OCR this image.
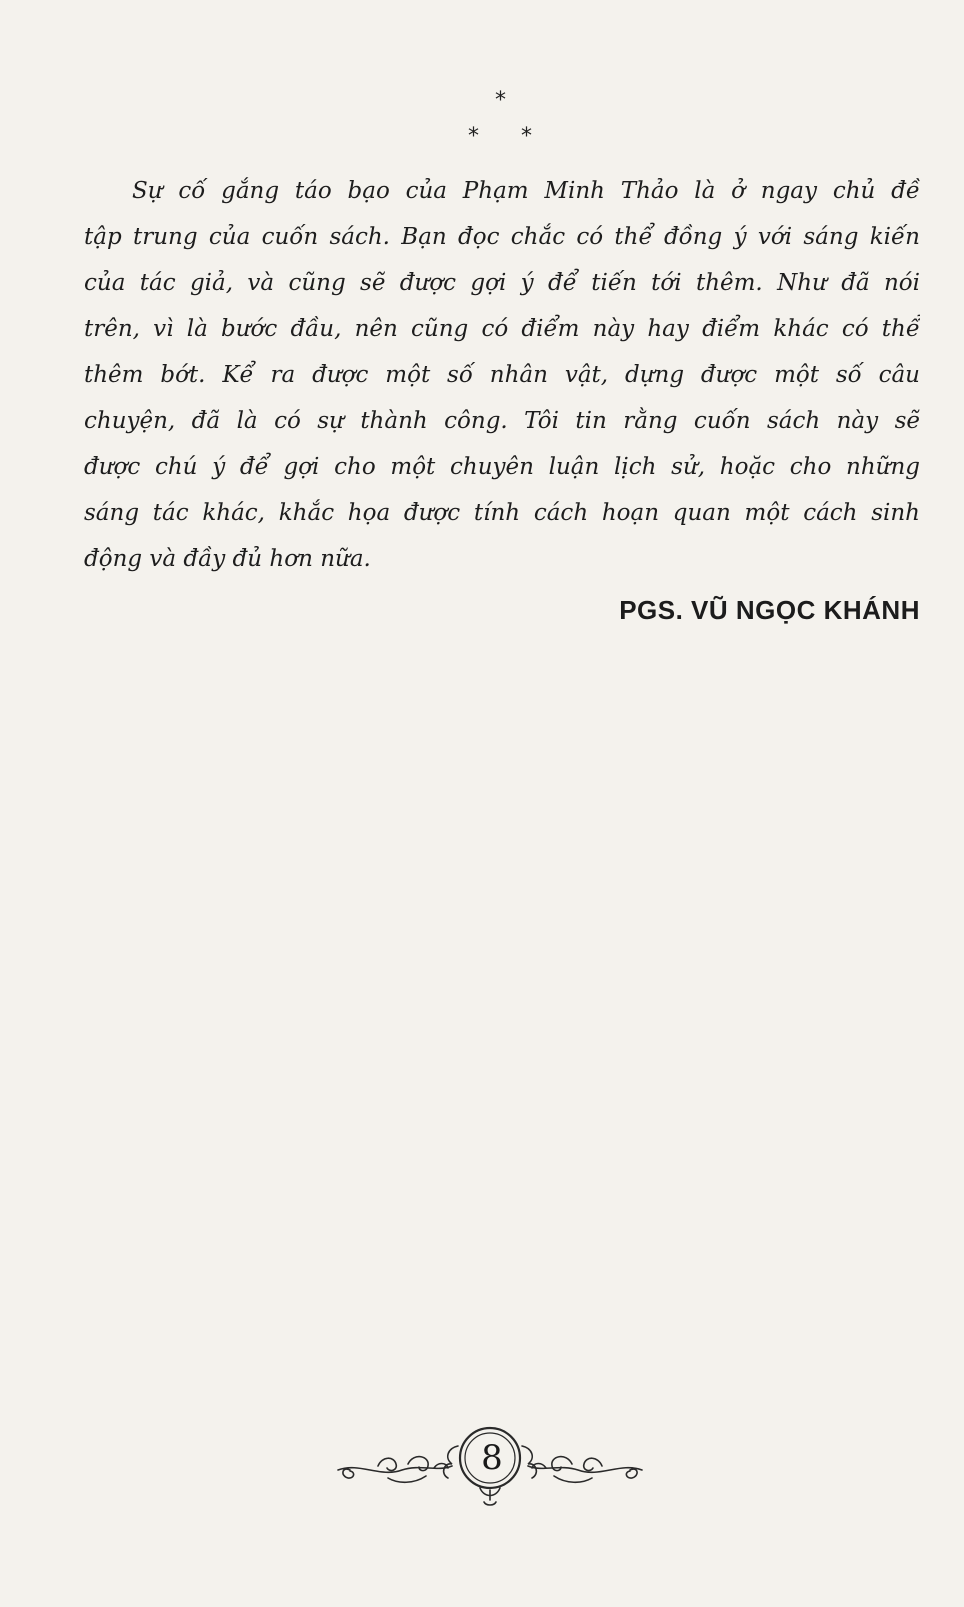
*
* *

Sự cố gắng táo bạo của Phạm Minh Thảo là ở ngay chủ đề
tập trung của cuốn sách. Bạn đọc chắc có thể đồng ý với sáng kiến
của tác giả, và cũng sẽ được gợi ý để tiến tới thêm. Như đã nói
trên, vì là bước đầu, nên cũng có điểm này hay điểm khác có thể
thêm bớt. Kể ra được một số nhân vật, dựng được một số câu
chuyện, đã là có sự thành công. Tôi tin rằng cuốn sách này sẽ
được chú ý để gợi cho một chuyên luận lịch sử, hoặc cho những
sáng tác khác, khắc họa được tính cách hoạn quan một cách sinh
động và đầy đủ hơn nữa.

PGS. VŨ NGỌC KHÁNH
8
